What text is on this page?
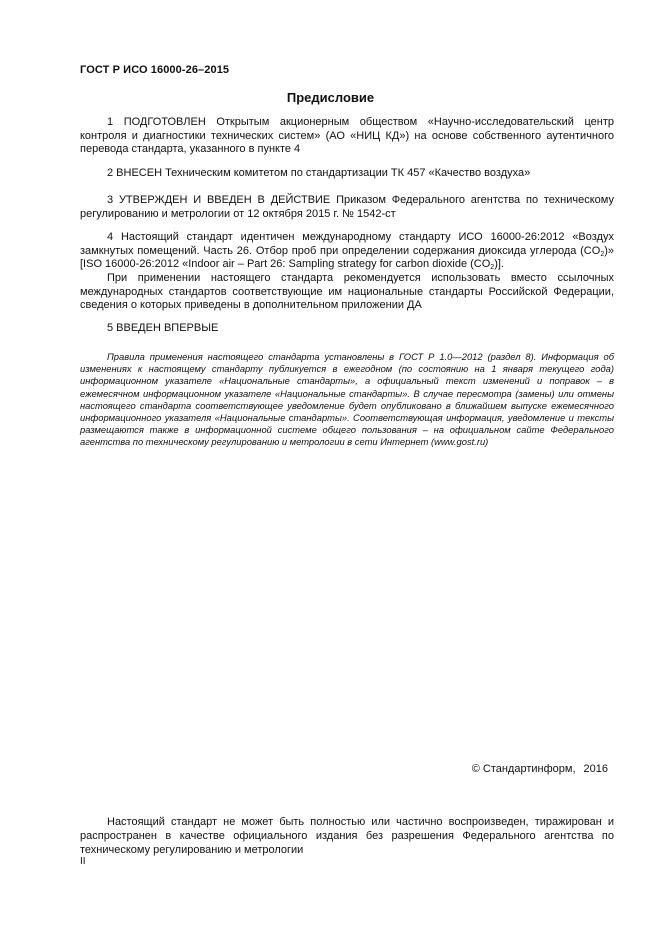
ГОСТ Р ИСО 16000-26–2015
Предисловие
1 ПОДГОТОВЛЕН Открытым акционерным обществом «Научно-исследовательский центр контроля и диагностики технических систем» (АО «НИЦ КД») на основе собственного аутентичного перевода стандарта, указанного в пункте 4
2 ВНЕСЕН Техническим комитетом по стандартизации ТК 457 «Качество воздуха»
3 УТВЕРЖДЕН И ВВЕДЕН В ДЕЙСТВИЕ Приказом Федерального агентства по техническому регулированию и метрологии от 12 октября 2015 г. № 1542-ст
4 Настоящий стандарт идентичен международному стандарту ИСО 16000-26:2012 «Воздух замкнутых помещений. Часть 26. Отбор проб при определении содержания диоксида углерода $(CO_2)$» [ISO 16000-26:2012 «Indoor air – Part 26: Sampling strategy for carbon dioxide $(CO_2)$].
При применении настоящего стандарта рекомендуется использовать вместо ссылочных международных стандартов соответствующие им национальные стандарты Российской Федерации, сведения о которых приведены в дополнительном приложении ДА
5 ВВЕДЕН ВПЕРВЫЕ
Правила применения настоящего стандарта установлены в ГОСТ Р 1.0—2012 (раздел 8). Информация об изменениях к настоящему стандарту публикуется в ежегодном (по состоянию на 1 января текущего года) информационном указателе «Национальные стандарты», а официальный текст изменений и поправок – в ежемесячном информационном указателе «Национальные стандарты». В случае пересмотра (замены) или отмены настоящего стандарта соответствующее уведомление будет опубликовано в ближайшем выпуске ежемесячного информационного указателя «Национальные стандарты». Соответствующая информация, уведомление и тексты размещаются также в информационной системе общего пользования – на официальном сайте Федерального агентства по техническому регулированию и метрологии в сети Интернет (www.gost.ru)
© Стандартинформ, 2016
Настоящий стандарт не может быть полностью или частично воспроизведен, тиражирован и распространен в качестве официального издания без разрешения Федерального агентства по техническому регулированию и метрологии
II
